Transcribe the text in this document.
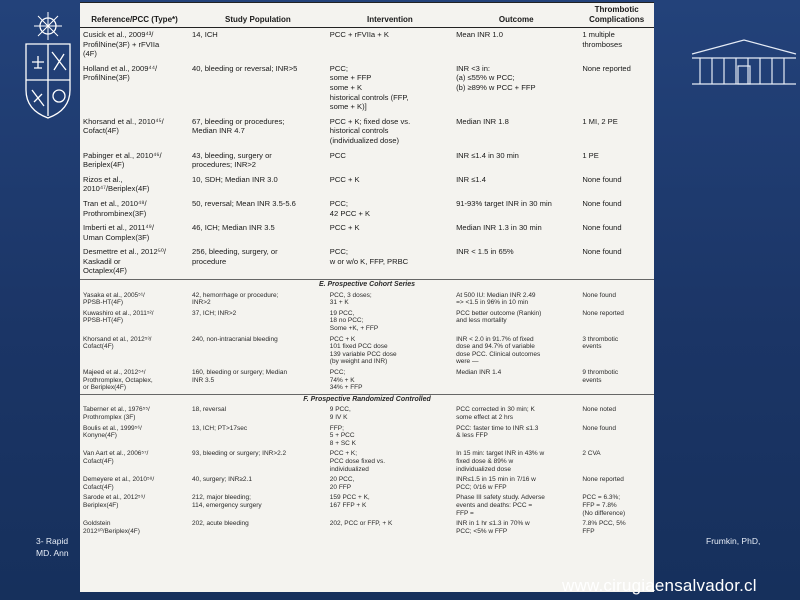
Reference/PCC (Type*)	Study Population	Intervention	Outcome	Thrombotic Complications
Cusick et al., 2009⁴³/
ProfilNine(3F) + rFVIIa
(4F)	14, ICH	PCC + rFVIIa + K	Mean INR 1.0	1 multiple
thromboses
Holland et al., 2009⁴⁴/
ProfilNine(3F)	40, bleeding or reversal; INR>5	PCC;
some + FFP
some + K
historical controls (FFP,
some + K)]	INR <3 in:
(a) ≤55% w PCC;
(b) ≥89% w PCC + FFP	None reported
Khorsand et al., 2010⁴⁵/
Cofact(4F)	67, bleeding or procedures;
Median INR 4.7	PCC + K; fixed dose vs.
historical controls
(individualized dose)	Median INR 1.8	1 MI, 2 PE
Pabinger et al., 2010⁴⁶/
Beriplex(4F)	43, bleeding, surgery or
procedures; INR>2	PCC	INR ≤1.4 in 30 min	1 PE
Rizos et al.,
2010⁴⁷/Beriplex(4F)	10, SDH; Median INR 3.0	PCC + K	INR ≤1.4	None found
Tran et al., 2010⁴⁸/
Prothrombinex(3F)	50, reversal; Mean INR 3.5-5.6	PCC;
42 PCC + K	91-93% target INR in 30 min	None found
Imberti et al., 2011⁴⁹/
Uman Complex(3F)	46, ICH; Median INR 3.5	PCC + K	Median INR 1.3 in 30 min	None found
Desmettre et al., 2012⁵⁰/
Kaskadil or
Octaplex(4F)	256, bleeding, surgery, or
procedure	PCC;
w or w/o K, FFP, PRBC	INR < 1.5 in 65%	None found
E. Prospective Cohort Series				
Yasaka et al., 2005⁵¹/
PPSB-HT(4F)	42, hemorrhage or procedure;
INR>2	PCC, 3 doses;
31 + K	At 500 IU: Median INR 2.49
=> <1.5 in 96% in 10 min	None found
Kuwashiro et al., 2011⁵²/
PPSB-HT(4F)	37, ICH; INR>2	19 PCC,
18 no PCC;
Some +K, + FFP	PCC better outcome (Rankin)
and less mortality	None reported
Khorsand et al., 2012⁵³/
Cofact(4F)	240, non-intracranial bleeding	PCC + K
101 fixed PCC dose
139 variable PCC dose
(by weight and INR)	INR < 2.0 in 91.7% of fixed
dose and 94.7% of variable
dose PCC. Clinical outcomes
were —	3 thrombotic
events
Majeed et al., 2012⁵⁴/
Prothromplex, Octaplex,
or Beriplex(4F)	160, bleeding or surgery; Median
INR 3.5	PCC;
74% + K
34% + FFP	Median INR 1.4	9 thrombotic
events
F. Prospective Randomized Controlled				
Taberner et al., 1976⁵⁵/
Prothromplex (3F)	18, reversal	9 PCC,
9 IV K	PCC corrected in 30 min; K
some effect at 2 hrs	None noted
Boulis et al., 1999⁵⁶/
Konyne(4F)	13, ICH; PT>17sec	FFP;
5 + PCC
8 + SC K	PCC: faster time to INR ≤1.3
& less FFP	None found
Van Aart et al., 2006⁵⁷/
Cofact(4F)	93, bleeding or surgery; INR>2.2	PCC + K;
PCC dose fixed vs.
individualized	In 15 min: target INR in 43% w
fixed dose & 89% w
individualized dose	2 CVA
Demeyere et al., 2010⁵⁸/
Cofact(4F)	40, surgery; INR≥2.1	20 PCC,
20 FFP	INR≤1.5 in 15 min in 7/16 w
PCC; 0/16 w FFP	None reported
Sarode et al., 2012⁵⁹/
Beriplex(4F)	212, major bleeding;
114, emergency surgery	159 PCC + K,
167 FFP + K	Phase III safety study. Adverse
events and deaths: PCC =
FFP =	PCC = 6.3%;
FFP = 7.8%
(No difference)
Goldstein
2012⁶⁰/Beriplex(4F)	202, acute bleeding	202, PCC or FFP, + K	INR in 1 hr ≤1.3 in 70% w
PCC; <5% w FFP	7.8% PCC, 5%
FFP
3- Rapid
MD. Ann
Frumkin, PhD,
www.cirugiaensalvador.cl
